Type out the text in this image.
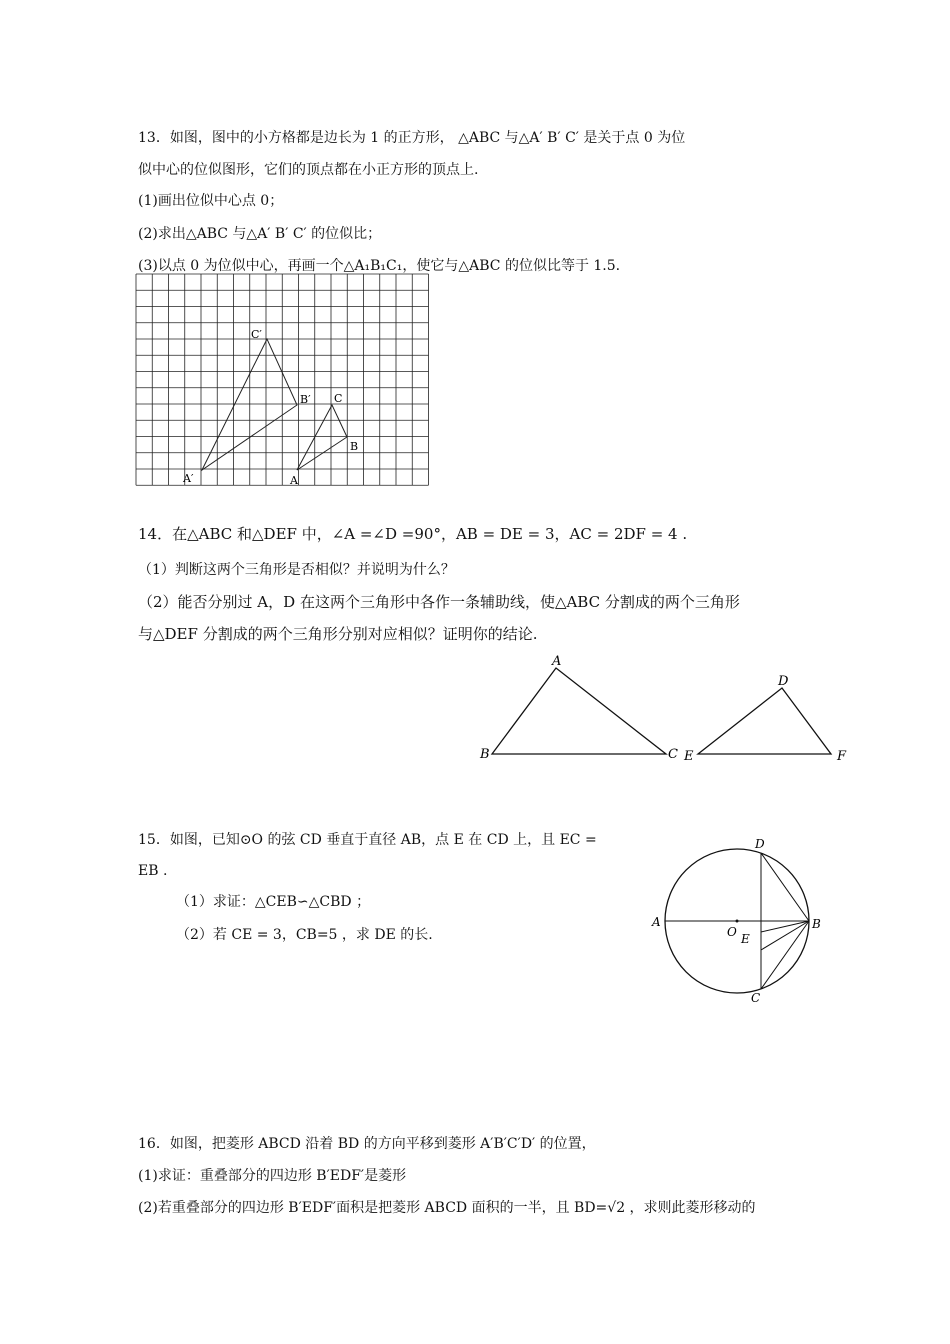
13．如图，图中的小方格都是边长为 1 的正方形， △ABC 与△A′ B′ C′ 是关于点 0 为位
似中心的位似图形，它们的顶点都在小正方形的顶点上.
(1)画出位似中心点 0；
(2)求出△ABC 与△A′ B′ C′ 的位似比；
(3)以点 0 为位似中心，再画一个△A₁B₁C₁，使它与△ABC 的位似比等于 1.5.
A′
C′
B′
A
C
B
14．在△ABC 和△DEF 中，∠A =∠D =90°，AB = DE = 3，AC = 2DF = 4 .
（1）判断这两个三角形是否相似？并说明为什么？
（2）能否分别过 A，D 在这两个三角形中各作一条辅助线，使△ABC 分割成的两个三角形
与△DEF 分割成的两个三角形分别对应相似？证明你的结论.
A
B	C
D
E	F
15．如图，已知⊙O 的弦 CD 垂直于直径 AB，点 E 在 CD 上，且 EC =
EB .
（1）求证：△CEB∽△CBD ；
（2）若 CE = 3，CB=5 ，求 DE 的长.
A	B
D
C
O E
16．如图，把菱形 ABCD 沿着 BD 的方向平移到菱形 A′B′C′D′ 的位置，
(1)求证：重叠部分的四边形 B′EDF′是菱形
(2)若重叠部分的四边形 B′EDF′面积是把菱形 ABCD 面积的一半，且 BD=√2 ，求则此菱形移动的
